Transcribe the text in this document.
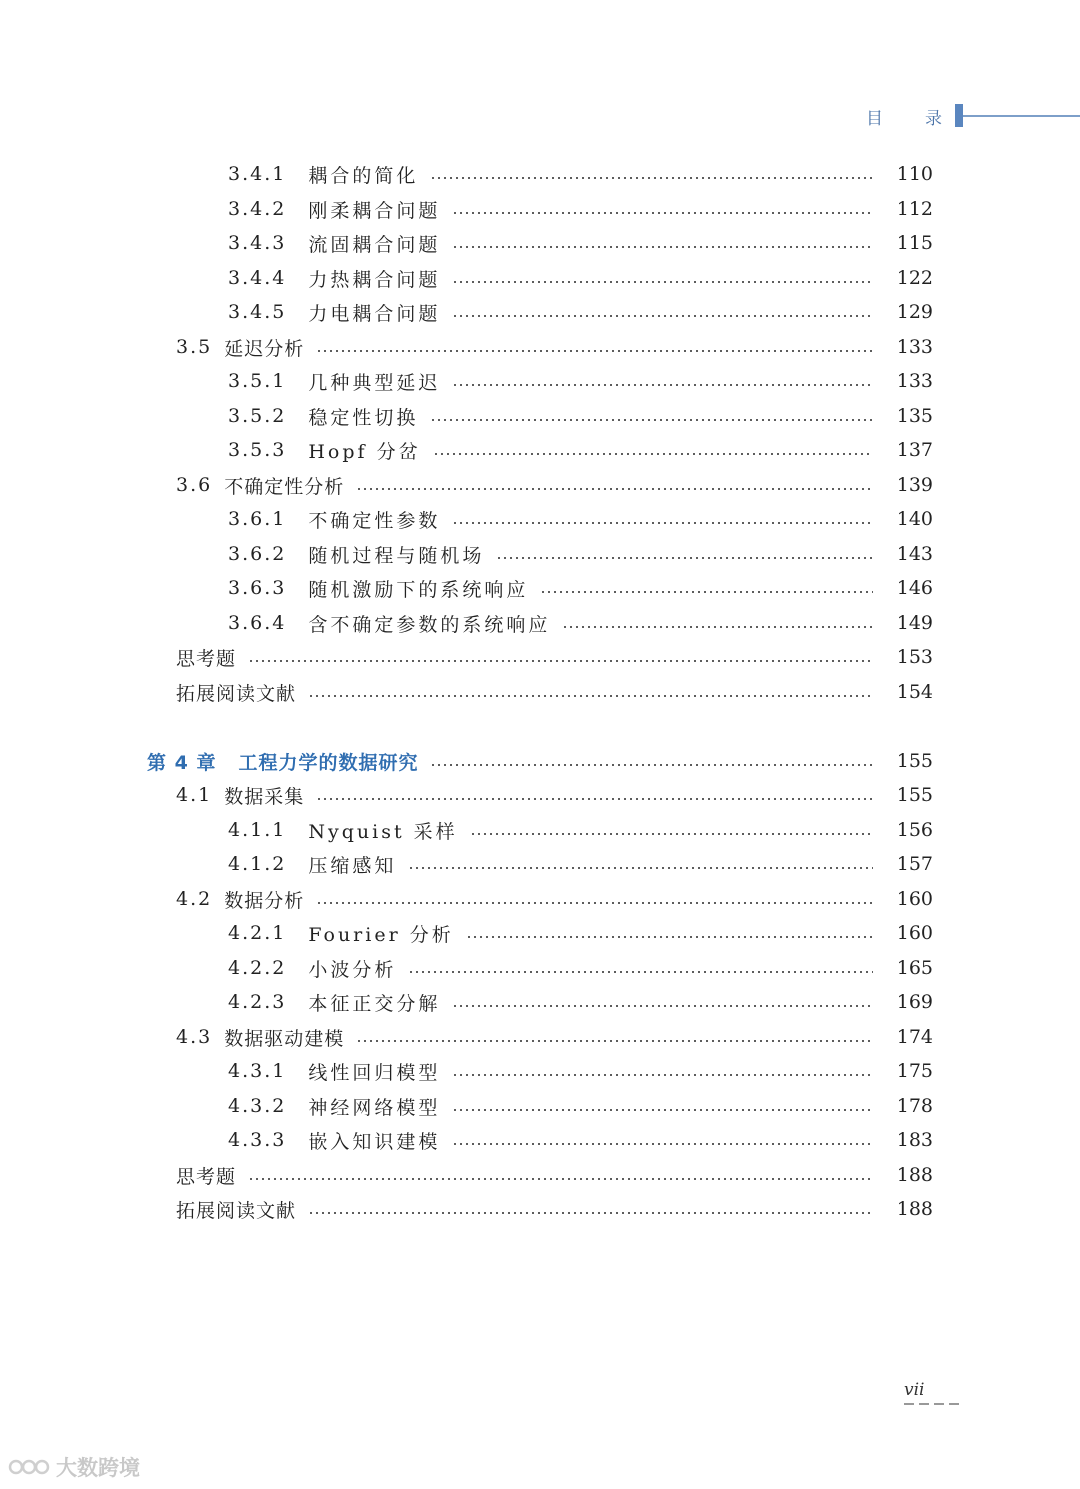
目 录
3.4.1 耦合的简化	110
3.4.2 刚柔耦合问题	112
3.4.3 流固耦合问题	115
3.4.4 力热耦合问题	122
3.4.5 力电耦合问题	129
3.5 延迟分析	133
3.5.1 几种典型延迟	133
3.5.2 稳定性切换	135
3.5.3 Hopf 分岔	137
3.6 不确定性分析	139
3.6.1 不确定性参数	140
3.6.2 随机过程与随机场	143
3.6.3 随机激励下的系统响应	146
3.6.4 含不确定参数的系统响应	149
思考题	153
拓展阅读文献	154
第 4 章 工程力学的数据研究	155
4.1 数据采集	155
4.1.1 Nyquist 采样	156
4.1.2 压缩感知	157
4.2 数据分析	160
4.2.1 Fourier 分析	160
4.2.2 小波分析	165
4.2.3 本征正交分解	169
4.3 数据驱动建模	174
4.3.1 线性回归模型	175
4.3.2 神经网络模型	178
4.3.3 嵌入知识建模	183
思考题	188
拓展阅读文献	188
vii
大数跨境
